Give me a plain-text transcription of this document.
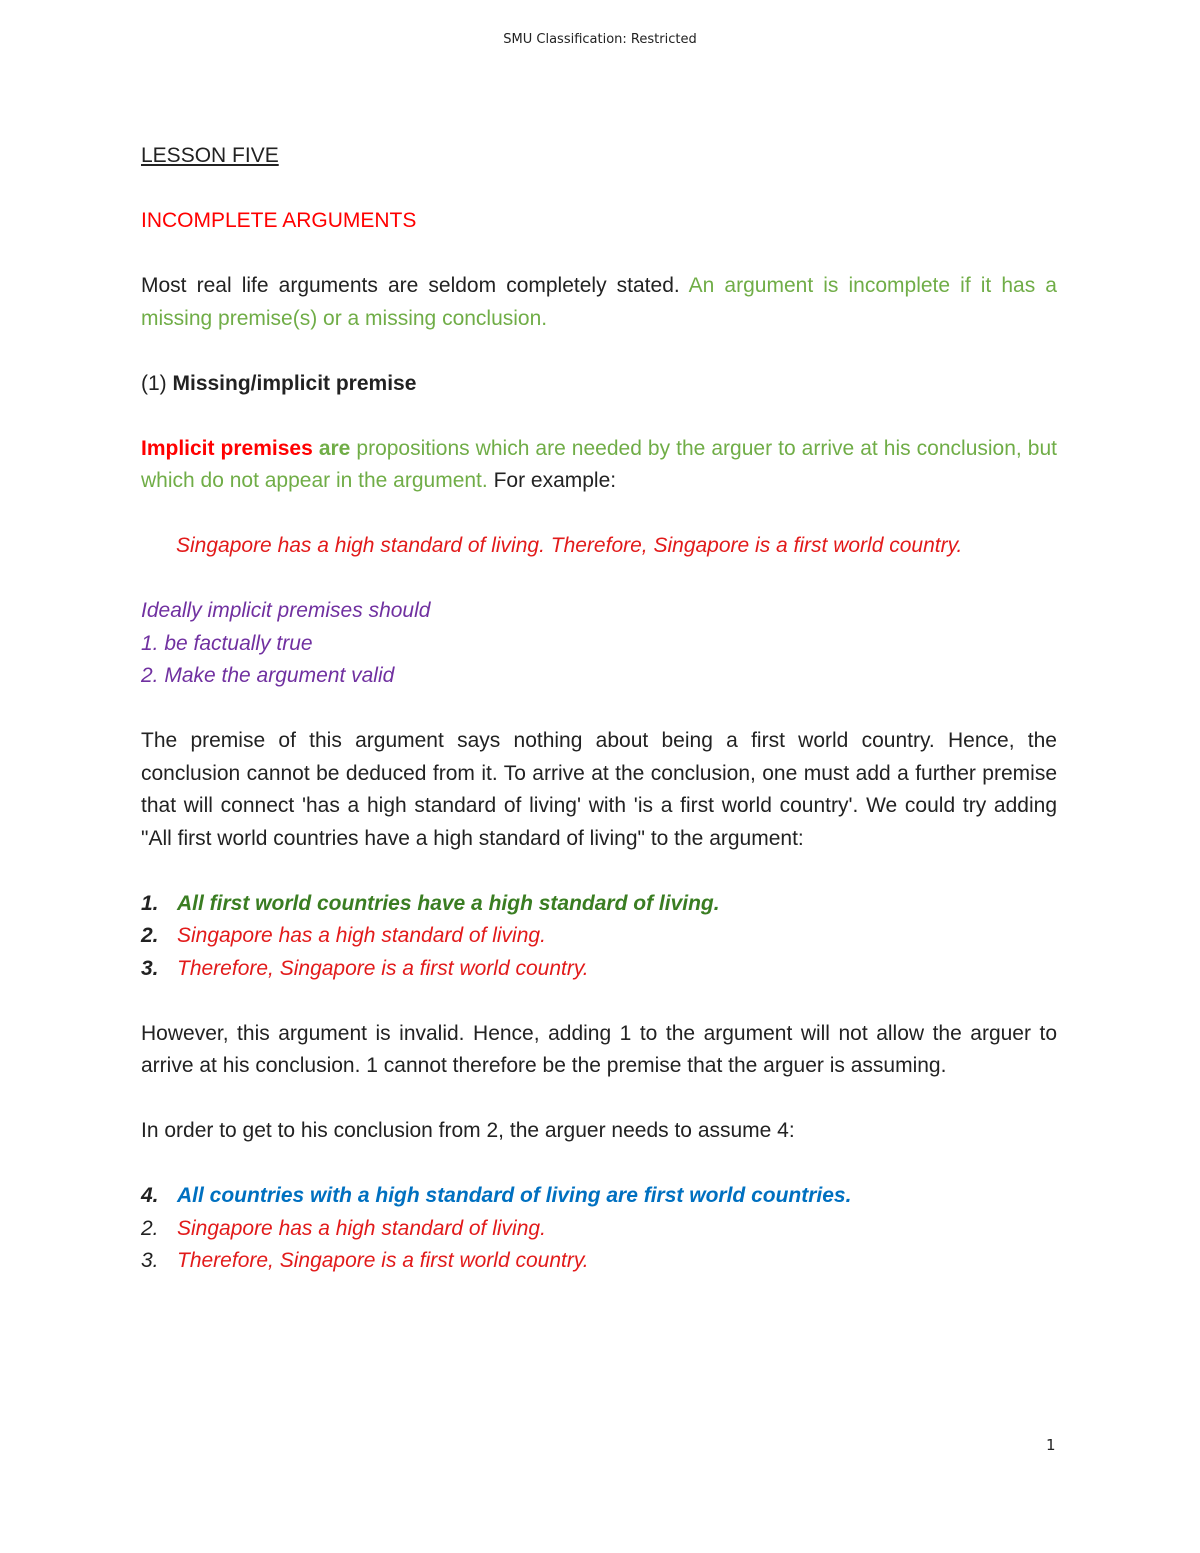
SMU Classification: Restricted

LESSON FIVE

INCOMPLETE ARGUMENTS

Most real life arguments are seldom completely stated. An argument is incomplete if it has a missing premise(s) or a missing conclusion.

(1) Missing/implicit premise

Implicit premises are propositions which are needed by the arguer to arrive at his conclusion, but which do not appear in the argument. For example:

Singapore has a high standard of living. Therefore, Singapore is a first world country.

Ideally implicit premises should

1. be factually true

2. Make the argument valid

The premise of this argument says nothing about being a first world country. Hence, the conclusion cannot be deduced from it. To arrive at the conclusion, one must add a further premise that will connect 'has a high standard of living' with 'is a first world country'. We could try adding "All first world countries have a high standard of living" to the argument:

1. All first world countries have a high standard of living.

2. Singapore has a high standard of living.

3. Therefore, Singapore is a first world country.

However, this argument is invalid. Hence, adding 1 to the argument will not allow the arguer to arrive at his conclusion. 1 cannot therefore be the premise that the arguer is assuming.

In order to get to his conclusion from 2, the arguer needs to assume 4:

4. All countries with a high standard of living are first world countries.

2. Singapore has a high standard of living.

3. Therefore, Singapore is a first world country.

1
